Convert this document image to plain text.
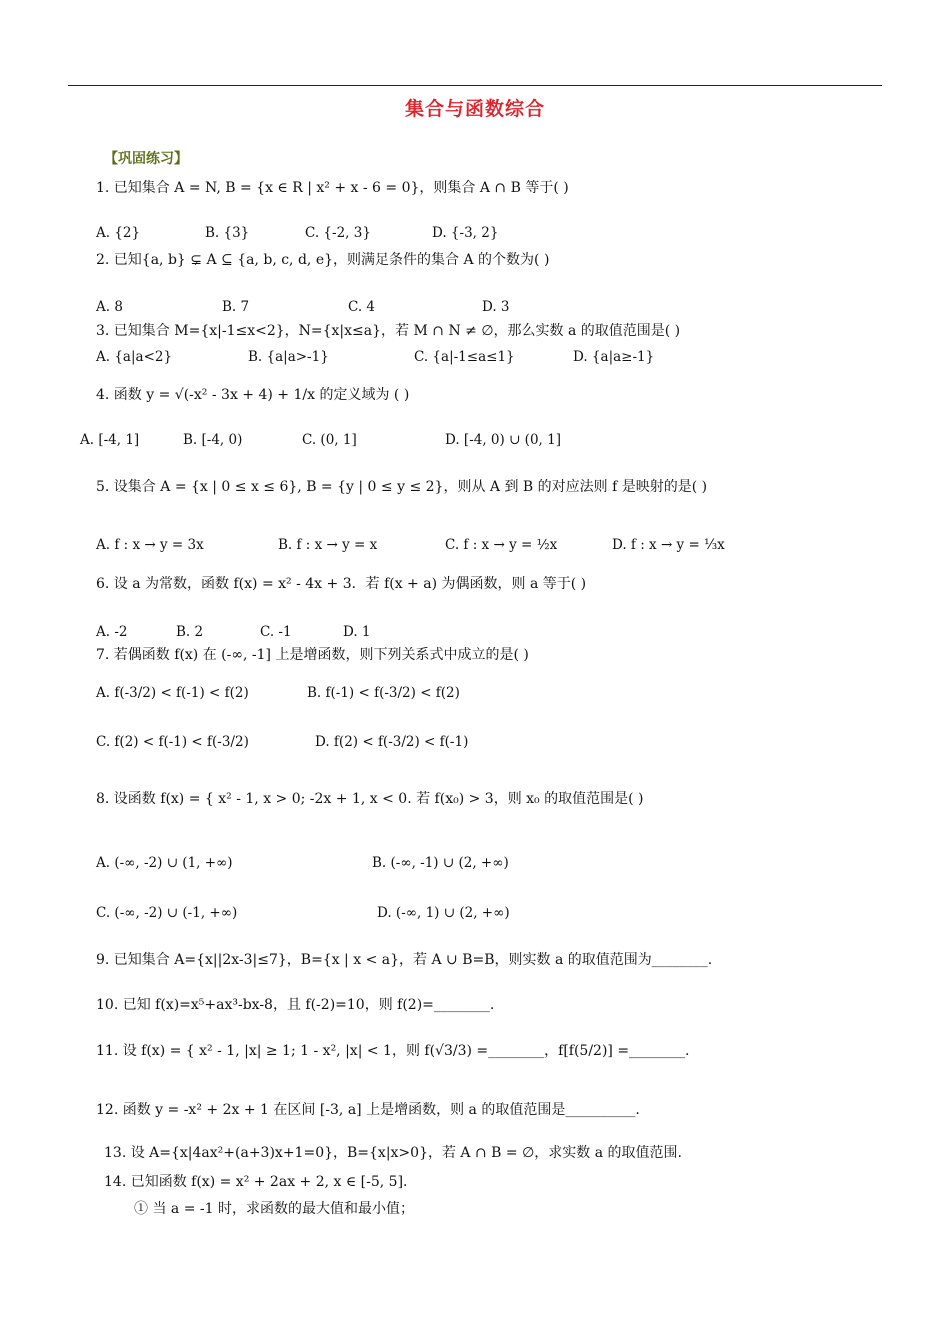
集合与函数综合
【巩固练习】
1. 已知集合 A = N, B = {x ∈ R | x² + x - 6 = 0}，则集合 A ∩ B 等于( )
A. {2}	B. {3}	C. {-2, 3}	D. {-3, 2}
2. 已知{a, b} ⊊ A ⊆ {a, b, c, d, e}，则满足条件的集合 A 的个数为( )
A. 8	B. 7	C. 4	D. 3
3. 已知集合 M={x|-1≤x<2}，N={x|x≤a}，若 M ∩ N ≠ ∅，那么实数 a 的取值范围是( )
A. {a|a<2}	B. {a|a>-1}	C. {a|-1≤a≤1}	D. {a|a≥-1}
4. 函数 y = √(-x² - 3x + 4) + 1/x 的定义域为 ( )
A. [-4, 1]	B. [-4, 0)	C. (0, 1]	D. [-4, 0) ∪ (0, 1]
5. 设集合 A = {x | 0 ≤ x ≤ 6}, B = {y | 0 ≤ y ≤ 2}，则从 A 到 B 的对应法则 f 是映射的是( )
A. f : x → y = 3x	B. f : x → y = x	C. f : x → y = ½x	D. f : x → y = ⅓x
6. 设 a 为常数，函数 f(x) = x² - 4x + 3．若 f(x + a) 为偶函数，则 a 等于( )
A. -2	B. 2	C. -1	D. 1
7. 若偶函数 f(x) 在 (-∞, -1] 上是增函数，则下列关系式中成立的是( )
A. f(-3/2) < f(-1) < f(2)	B. f(-1) < f(-3/2) < f(2)
C. f(2) < f(-1) < f(-3/2)	D. f(2) < f(-3/2) < f(-1)
8. 设函数 f(x) = { x² - 1, x > 0; -2x + 1, x < 0. 若 f(x₀) > 3，则 x₀ 的取值范围是( )
A. (-∞, -2) ∪ (1, +∞)	B. (-∞, -1) ∪ (2, +∞)
C. (-∞, -2) ∪ (-1, +∞)	D. (-∞, 1) ∪ (2, +∞)
9. 已知集合 A={x||2x-3|≤7}，B={x | x < a}，若 A ∪ B=B，则实数 a 的取值范围为________.
10. 已知 f(x)=x⁵+ax³-bx-8，且 f(-2)=10，则 f(2)=________.
11. 设 f(x) = { x² - 1, |x| ≥ 1; 1 - x², |x| < 1，则 f(√3/3) =________，f[f(5/2)] =________.
12. 函数 y = -x² + 2x + 1 在区间 [-3, a] 上是增函数，则 a 的取值范围是__________.
13. 设 A={x|4ax²+(a+3)x+1=0}，B={x|x>0}，若 A ∩ B = ∅，求实数 a 的取值范围.
14. 已知函数 f(x) = x² + 2ax + 2, x ∈ [-5, 5].
① 当 a = -1 时，求函数的最大值和最小值；
